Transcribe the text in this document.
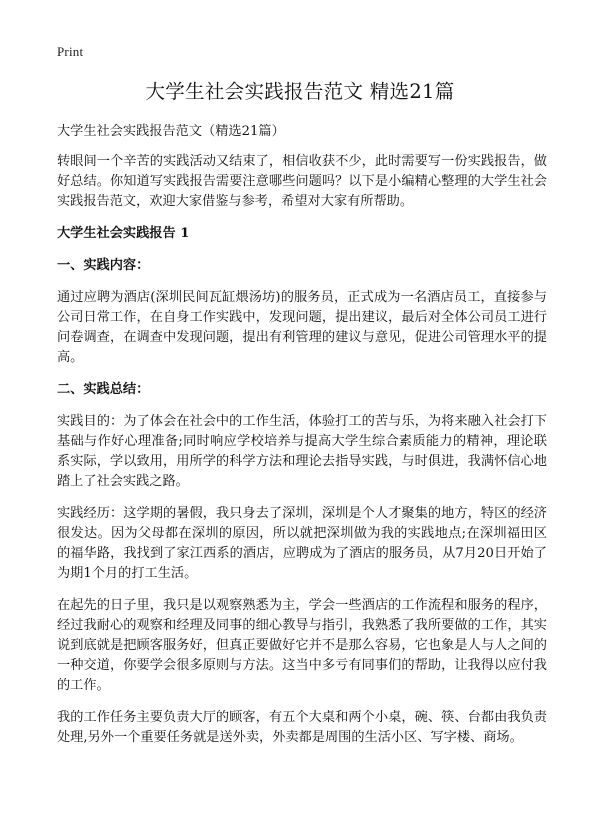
Print
大学生社会实践报告范文 精选21篇

大学生社会实践报告范文（精选21篇）

转眼间一个辛苦的实践活动又结束了，相信收获不少，此时需要写一份实践报告，做好总结。你知道写实践报告需要注意哪些问题吗？以下是小编精心整理的大学生社会实践报告范文，欢迎大家借鉴与参考，希望对大家有所帮助。

大学生社会实践报告 1

一、实践内容：

通过应聘为酒店(深圳民间瓦缸煨汤坊)的服务员，正式成为一名酒店员工，直接参与公司日常工作，在自身工作实践中，发现问题，提出建议，最后对全体公司员工进行问卷调查，在调查中发现问题，提出有利管理的建议与意见，促进公司管理水平的提高。

二、实践总结：

实践目的：为了体会在社会中的工作生活，体验打工的苦与乐，为将来融入社会打下基础与作好心理准备;同时响应学校培养与提高大学生综合素质能力的精神，理论联系实际，学以致用，用所学的科学方法和理论去指导实践，与时俱进，我满怀信心地踏上了社会实践之路。

实践经历：这学期的暑假，我只身去了深圳，深圳是个人才聚集的地方，特区的经济很发达。因为父母都在深圳的原因，所以就把深圳做为我的实践地点;在深圳福田区的福华路，我找到了家江西系的酒店，应聘成为了酒店的服务员，从7月20日开始了为期1个月的打工生活。

在起先的日子里，我只是以观察熟悉为主，学会一些酒店的工作流程和服务的程序，经过我耐心的观察和经理及同事的细心教导与指引，我熟悉了我所要做的工作，其实说到底就是把顾客服务好，但真正要做好它并不是那么容易，它也象是人与人之间的一种交道，你要学会很多原则与方法。这当中多亏有同事们的帮助，让我得以应付我的工作。

我的工作任务主要负责大厅的顾客，有五个大桌和两个小桌，碗、筷、台都由我负责处理,另外一个重要任务就是送外卖，外卖都是周围的生活小区、写字楼、商场。
